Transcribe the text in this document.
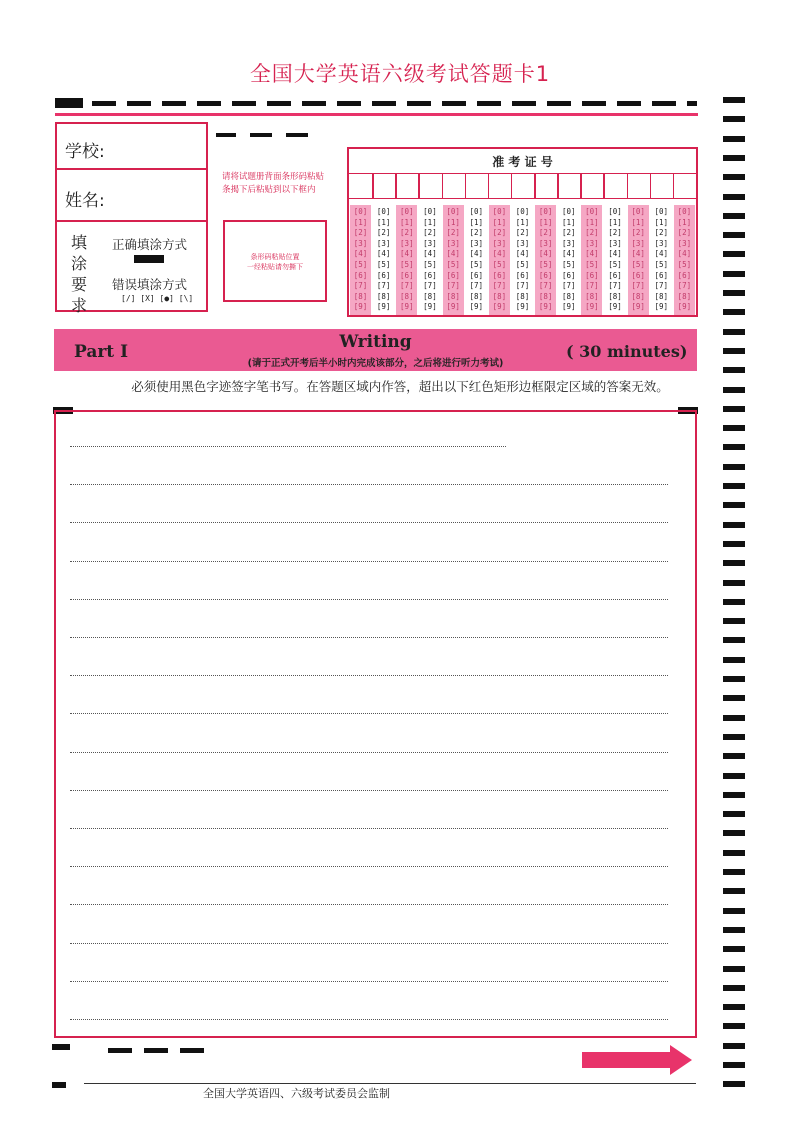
全国大学英语六级考试答题卡1
学校:
姓名:
填
涂
要
求
正确填涂方式
错误填涂方式
[/] [X] [●] [\]
请将试题册背面条形码粘贴
条揭下后粘贴到以下框内
条形码粘贴位置
一经粘贴请勿撕下
准 考 证 号
[0]
[1]
[2]
[3]
[4]
[5]
[6]
[7]
[8]
[9]
[0]
[1]
[2]
[3]
[4]
[5]
[6]
[7]
[8]
[9]
[0]
[1]
[2]
[3]
[4]
[5]
[6]
[7]
[8]
[9]
[0]
[1]
[2]
[3]
[4]
[5]
[6]
[7]
[8]
[9]
[0]
[1]
[2]
[3]
[4]
[5]
[6]
[7]
[8]
[9]
[0]
[1]
[2]
[3]
[4]
[5]
[6]
[7]
[8]
[9]
[0]
[1]
[2]
[3]
[4]
[5]
[6]
[7]
[8]
[9]
[0]
[1]
[2]
[3]
[4]
[5]
[6]
[7]
[8]
[9]
[0]
[1]
[2]
[3]
[4]
[5]
[6]
[7]
[8]
[9]
[0]
[1]
[2]
[3]
[4]
[5]
[6]
[7]
[8]
[9]
[0]
[1]
[2]
[3]
[4]
[5]
[6]
[7]
[8]
[9]
[0]
[1]
[2]
[3]
[4]
[5]
[6]
[7]
[8]
[9]
[0]
[1]
[2]
[3]
[4]
[5]
[6]
[7]
[8]
[9]
[0]
[1]
[2]
[3]
[4]
[5]
[6]
[7]
[8]
[9]
[0]
[1]
[2]
[3]
[4]
[5]
[6]
[7]
[8]
[9]
Part I	Writing
(请于正式开考后半小时内完成该部分，之后将进行听力考试)
( 30 minutes)
必须使用黑色字迹签字笔书写。在答题区域内作答，超出以下红色矩形边框限定区域的答案无效。
全国大学英语四、六级考试委员会监制
